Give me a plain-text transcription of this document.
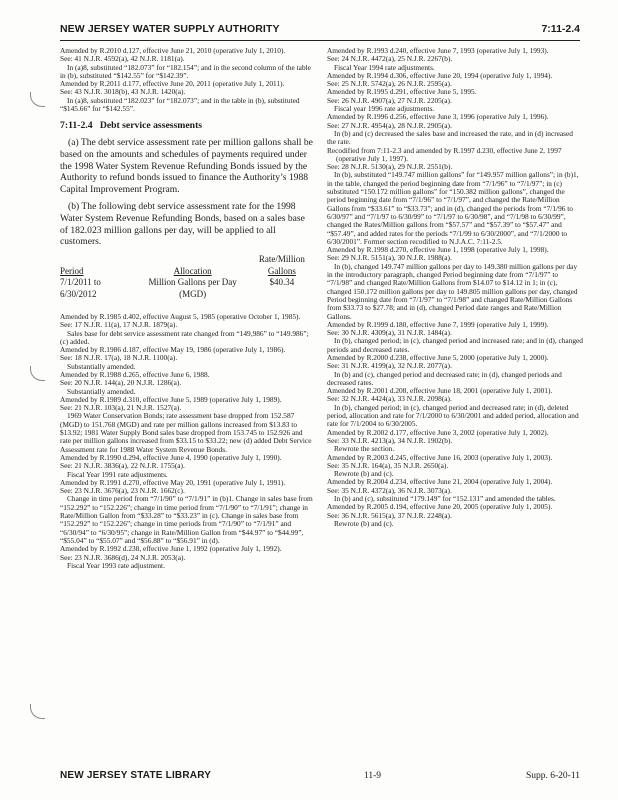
NEW JERSEY WATER SUPPLY AUTHORITY	7:11-2.4

Amended by R.2010 d.127, effective June 21, 2010 (operative July 1, 2010).

See: 41 N.J.R. 4592(a), 42 N.J.R. 1181(a).

In (a)8, substituted “182.073” for “182.154”; and in the second column of the table in (b), substituted “$142.55” for “$142.39”.

Amended by R.2011 d.177, effective June 20, 2011 (operative July 1, 2011).

See: 43 N.J.R. 3018(b), 43 N.J.R. 1420(a).

In (a)8, substituted “182.023” for “182.073”; and in the table in (b), substituted “$145.66” for “$142.55”.

7:11-2.4 Debt service assessments

(a) The debt service assessment rate per million gallons shall be based on the amounts and schedules of payments required under the 1998 Water System Revenue Refunding Bonds issued by the Authority to refund bonds issued to finance the Authority’s 1988 Capital Improvement Program.

(b) The following debt service assessment rate for the 1998 Water System Revenue Refunding Bonds, based on a sales base of 182.023 million gallons per day, will be applied to all customers.

		Rate/Million
Period	Allocation	Gallons
7/1/2011 to	Million Gallons per Day	$40.34
6/30/2012	(MGD)	

Amended by R.1985 d.402, effective August 5, 1985 (operative October 1, 1985).

See: 17 N.J.R. 11(a), 17 N.J.R. 1879(a).

Sales base for debt service assessment rate changed from “149,986” to “149.986”; (c) added.

Amended by R.1986 d.187, effective May 19, 1986 (operative July 1, 1986).

See: 18 N.J.R. 17(a), 18 N.J.R. 1100(a).

Substantially amended.

Amended by R.1988 d.265, effective June 6, 1988.

See: 20 N.J.R. 144(a), 20 N.J.R. 1286(a).

Substantially amended.

Amended by R.1989 d.310, effective June 5, 1989 (operative July 1, 1989).

See: 21 N.J.R. 103(a), 21 N.J.R. 1527(a).

1969 Water Conservation Bonds; rate assessment base dropped from 152.587 (MGD) to 151.768 (MGD) and rate per million gallons increased from $13.83 to $13.92; 1981 Water Supply Bond sales base dropped from 153.745 to 152.926 and rate per million gallons increased from $33.15 to $33.22; new (d) added Debt Service Assessment rate for 1988 Water System Revenue Bonds.

Amended by R.1990 d.294, effective June 4, 1990 (operative July 1, 1990).

See: 21 N.J.R. 3836(a), 22 N.J.R. 1755(a).

Fiscal Year 1991 rate adjustments.

Amended by R.1991 d.270, effective May 20, 1991 (operative July 1, 1991).

See: 23 N.J.R. 3676(a), 23 N.J.R. 1662(c).

Change in time period from “7/1/90” to “7/1/91” in (b)1. Change in sales base from “152.292” to “152.226”; change in time period from “7/1/90” to “7/1/91”; change in Rate/Million Gallon from “$33.28” to “$33.23” in (c). Change in sales base from “152.292” to “152.226”; change in time periods from “7/1/90” to “7/1/91” and “6/30/94” to “6/30/95”; change in Rate/Million Gallon from “$44.97” to “$44.99”, “$55.04” to “$55.07” and “$56.88” to “$56.91” in (d).

Amended by R.1992 d.238, effective June 1, 1992 (operative July 1, 1992).

See: 23 N.J.R. 3686(d), 24 N.J.R. 2053(a).

Fiscal Year 1993 rate adjustment.

Amended by R.1993 d.240, effective June 7, 1993 (operative July 1, 1993).

See: 24 N.J.R. 4472(a), 25 N.J.R. 2267(b).

Fiscal Year 1994 rate adjustments.

Amended by R.1994 d.306, effective June 20, 1994 (operative July 1, 1994).

See: 25 N.J.R. 5742(a), 26 N.J.R. 2595(a).

Amended by R.1995 d.291, effective June 5, 1995.

See: 26 N.J.R. 4907(a), 27 N.J.R. 2205(a).

Fiscal year 1996 rate adjustments.

Amended by R.1996 d.256, effective June 3, 1996 (operative July 1, 1996).

See: 27 N.J.R. 4954(a), 28 N.J.R. 2905(a).

In (b) and (c) decreased the sales base and increased the rate, and in (d) increased the rate.

Recodified from 7:11-2.3 and amended by R.1997 d.230, effective June 2, 1997 (operative July 1, 1997).

See: 28 N.J.R. 5130(a), 29 N.J.R. 2551(b).

In (b), substituted “149.747 million gallons” for “149.957 million gallons”; in (b)1, in the table, changed the period beginning date from “7/1/96” to “7/1/97”; in (c) substituted “150.172 million gallons” for “150.382 million gallons”, changed the period beginning date from “7/1/96” to “7/1/97”, and changed the Rate/Million Gallons from “$33.61” to “$33.73”; and in (d), changed the periods from “7/1/96 to 6/30/97” and “7/1/97 to 6/30/99” to “7/1/97 to 6/30/98”, and “7/1/98 to 6/30/99”, changed the Rates/Million gallons from “$57.57” and “$57.39” to “$57.47” and “$57.49”, and added rates for the periods “7/1/99 to 6/30/2000”, and “7/1/2000 to 6/30/2001”. Former section recodified to N.J.A.C. 7:11-2.5.

Amended by R.1998 d.270, effective June 1, 1998 (operative July 1, 1998).

See: 29 N.J.R. 5151(a), 30 N.J.R. 1988(a).

In (b), changed 149.747 million gallons per day to 149.380 million gallons per day in the introductory paragraph, changed Period beginning date from “7/1/97” to “7/1/98” and changed Rate/Million Gallons from $14.07 to $14.12 in 1; in (c), changed 150.172 million gallons per day to 149.805 million gallons per day, changed Period beginning date from “7/1/97” to “7/1/98” and changed Rate/Million Gallons from $33.73 to $27.78; and in (d), changed Period date ranges and Rate/Million Gallons.

Amended by R.1999 d.180, effective June 7, 1999 (operative July 1, 1999).

See: 30 N.J.R. 4309(a), 31 N.J.R. 1484(a).

In (b), changed period; in (c), changed period and increased rate; and in (d), changed periods and decreased rates.

Amended by R.2000 d.238, effective June 5, 2000 (operative July 1, 2000).

See: 31 N.J.R. 4199(a), 32 N.J.R. 2077(a).

In (b) and (c), changed period and decreased rate; in (d), changed periods and decreased rates.

Amended by R.2001 d.208, effective June 18, 2001 (operative July 1, 2001).

See: 32 N.J.R. 4424(a), 33 N.J.R. 2098(a).

In (b), changed period; in (c), changed period and decreased rate; in (d), deleted period, allocation and rate for 7/1/2000 to 6/30/2001 and added period, allocation and rate for 7/1/2004 to 6/30/2005.

Amended by R.2002 d.177, effective June 3, 2002 (operative July 1, 2002).

See: 33 N.J.R. 4213(a), 34 N.J.R. 1902(b).

Rewrote the section.

Amended by R.2003 d.245, effective June 16, 2003 (operative July 1, 2003).

See: 35 N.J.R. 164(a), 35 N.J.R. 2650(a).

Rewrote (b) and (c).

Amended by R.2004 d.234, effective June 21, 2004 (operative July 1, 2004).

See: 35 N.J.R. 4372(a), 36 N.J.R. 3073(a).

In (b) and (c), substituted “179.149” for “152.131” and amended the tables.

Amended by R.2005 d.194, effective June 20, 2005 (operative July 1, 2005).

See: 36 N.J.R. 5615(a), 37 N.J.R. 2248(a).

Rewrote (b) and (c).

NEW JERSEY STATE LIBRARY	11-9	Supp. 6-20-11
